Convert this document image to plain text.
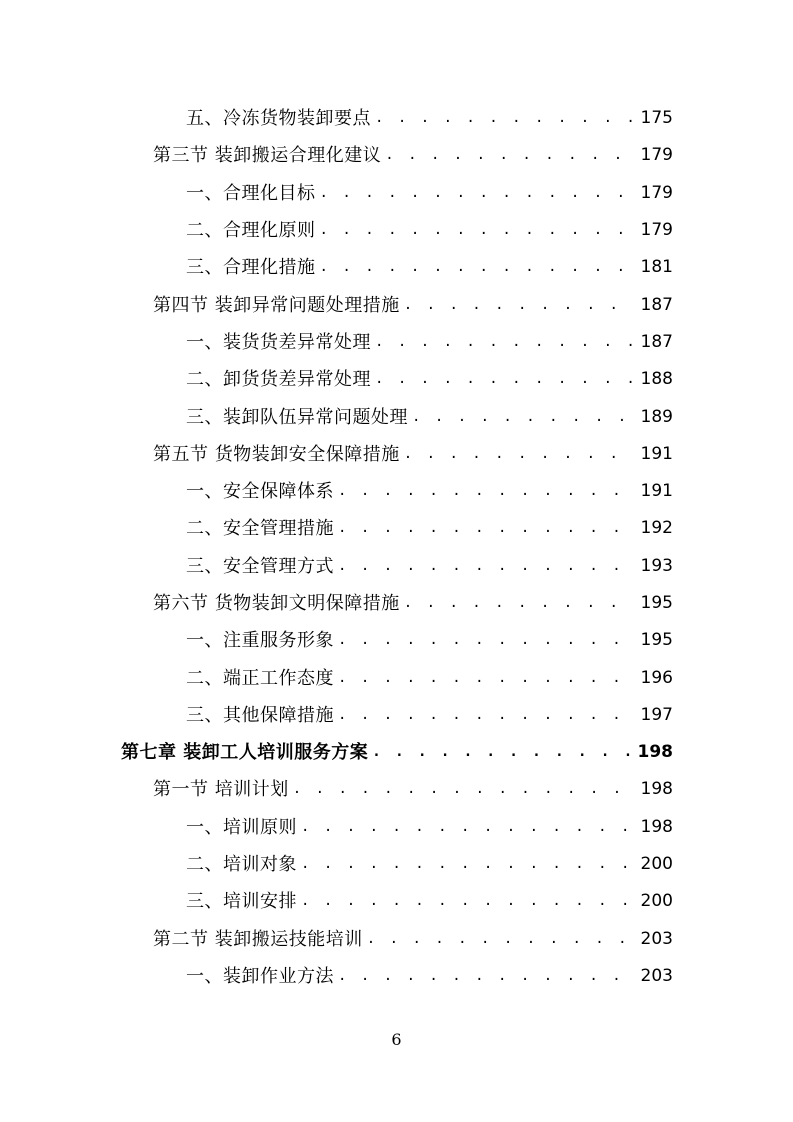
五、冷冻货物装卸要点 . . .	175
第三节 装卸搬运合理化建议 . . .	179
一、合理化目标 . . .	179
二、合理化原则 . . .	179
三、合理化措施 . . .	181
第四节 装卸异常问题处理措施 . . .	187
一、装货货差异常处理 . . .	187
二、卸货货差异常处理 . . .	188
三、装卸队伍异常问题处理 . . .	189
第五节 货物装卸安全保障措施 . . .	191
一、安全保障体系 . . .	191
二、安全管理措施 . . .	192
三、安全管理方式 . . .	193
第六节 货物装卸文明保障措施 . . .	195
一、注重服务形象 . . .	195
二、端正工作态度 . . .	196
三、其他保障措施 . . .	197
第七章 装卸工人培训服务方案 . . .	198
第一节 培训计划 . . .	198
一、培训原则 . . .	198
二、培训对象 . . .	200
三、培训安排 . . .	200
第二节 装卸搬运技能培训 . . .	203
一、装卸作业方法 . . .	203
6
